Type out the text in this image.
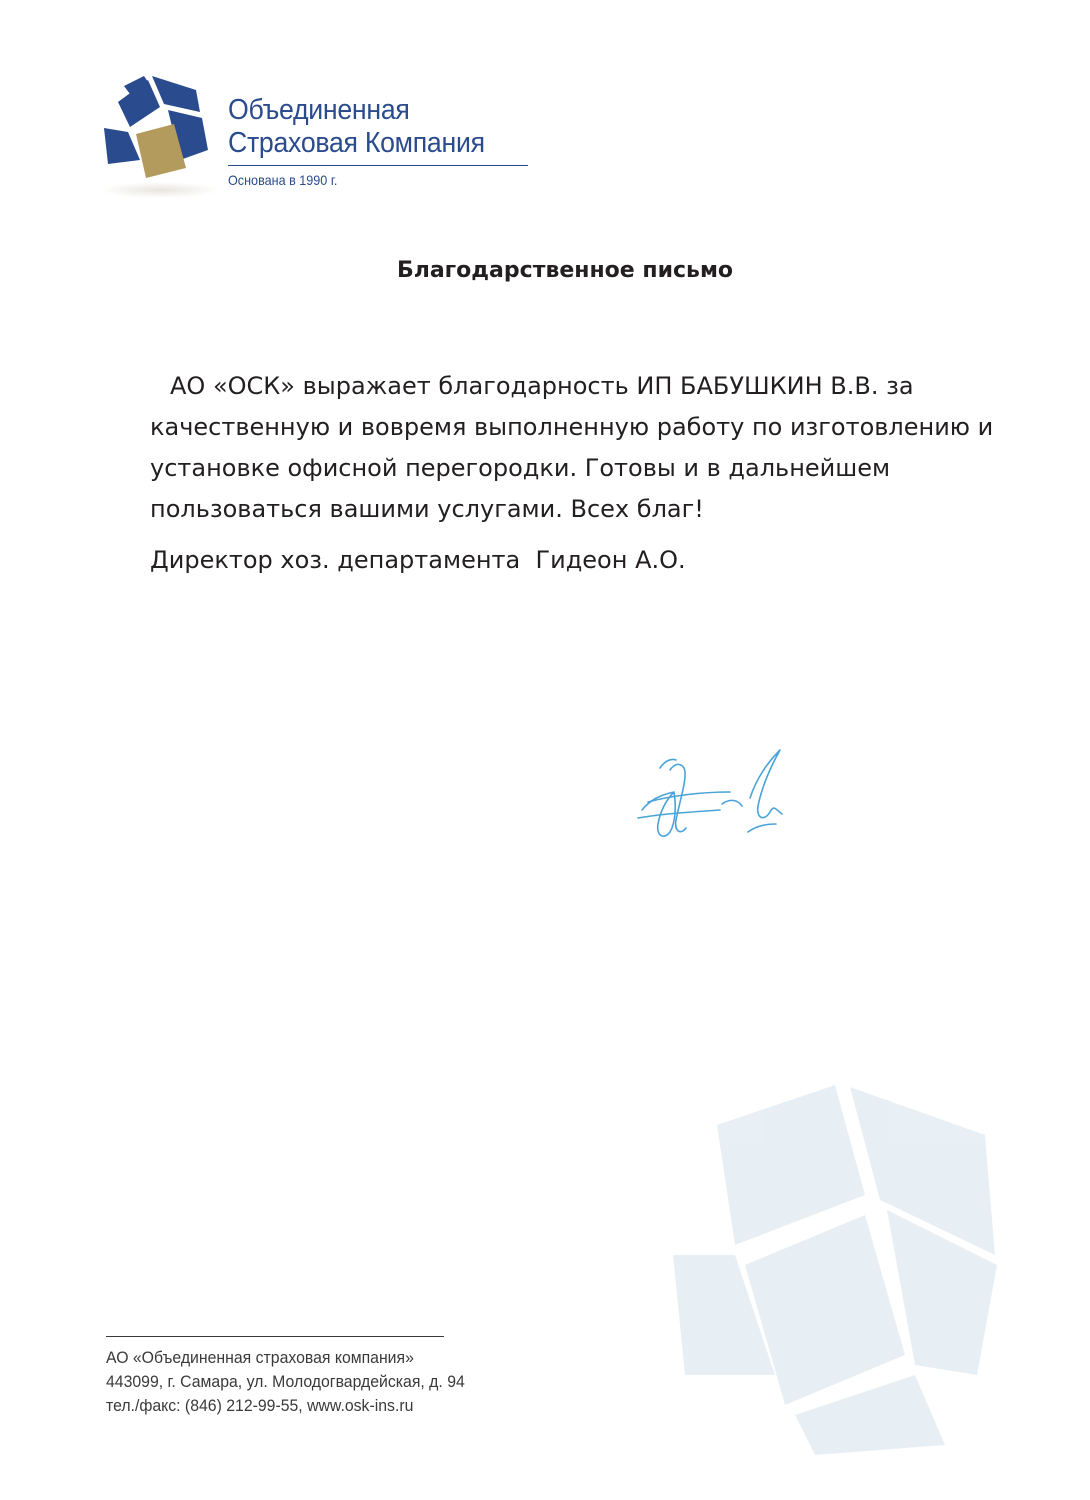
Объединенная
Страховая Компания
Основана в 1990 г.
Благодарственное письмо

АО «ОСК» выражает благодарность ИП БАБУШКИН В.В. за качественную и вовремя выполненную работу по изготовлению и установке офисной перегородки. Готовы и в дальнейшем пользоваться вашими услугами. Всех благ!

Директор хоз. департамента  Гидеон А.О.

АО «Объединенная страховая компания»
443099, г. Самара, ул. Молодогвардейская, д. 94
тел./факс: (846) 212-99-55, www.osk-ins.ru
